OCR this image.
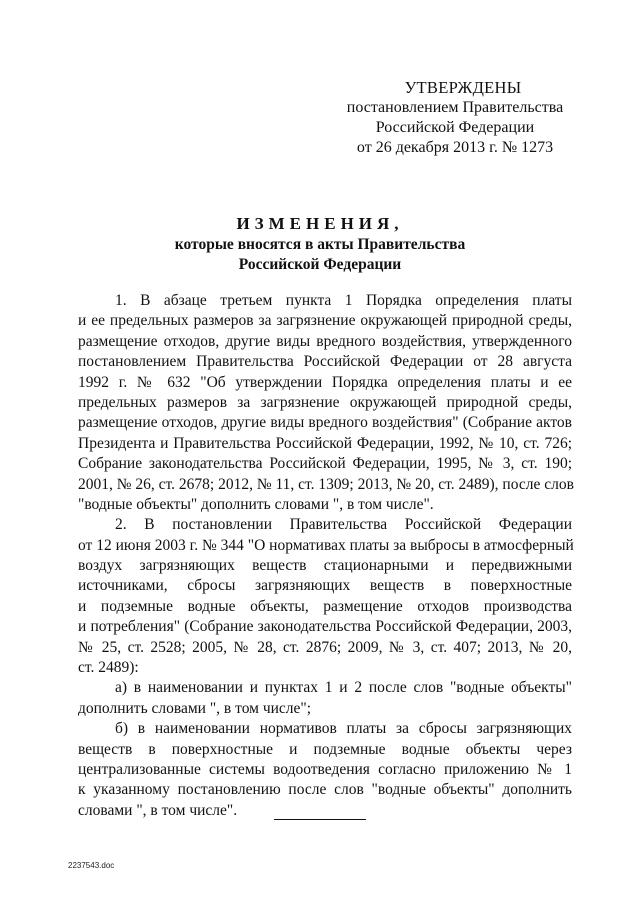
УТВЕРЖДЕНЫ
постановлением Правительства
Российской Федерации
от 26 декабря 2013 г. № 1273
ИЗМЕНЕНИЯ,
которые вносятся в акты Правительства
Российской Федерации
1. В абзаце третьем пункта 1 Порядка определения платы
и ее предельных размеров за загрязнение окружающей природной среды,
размещение отходов, другие виды вредного воздействия, утвержденного
постановлением Правительства Российской Федерации от 28 августа
1992 г. № 632 "Об утверждении Порядка определения платы и ее
предельных размеров за загрязнение окружающей природной среды,
размещение отходов, другие виды вредного воздействия" (Собрание актов
Президента и Правительства Российской Федерации, 1992, № 10, ст. 726;
Собрание законодательства Российской Федерации, 1995, № 3, ст. 190;
2001, № 26, ст. 2678; 2012, № 11, ст. 1309; 2013, № 20, ст. 2489), после слов
"водные объекты" дополнить словами ", в том числе".
2. В постановлении Правительства Российской Федерации
от 12 июня 2003 г. № 344 "О нормативах платы за выбросы в атмосферный
воздух загрязняющих веществ стационарными и передвижными
источниками, сбросы загрязняющих веществ в поверхностные
и подземные водные объекты, размещение отходов производства
и потребления" (Собрание законодательства Российской Федерации, 2003,
№ 25, ст. 2528; 2005, № 28, ст. 2876; 2009, № 3, ст. 407; 2013, № 20,
ст. 2489):
а) в наименовании и пунктах 1 и 2 после слов "водные объекты"
дополнить словами ", в том числе";
б) в наименовании нормативов платы за сбросы загрязняющих
веществ в поверхностные и подземные водные объекты через
централизованные системы водоотведения согласно приложению № 1
к указанному постановлению после слов "водные объекты" дополнить
словами ", в том числе".
2237543.doc
